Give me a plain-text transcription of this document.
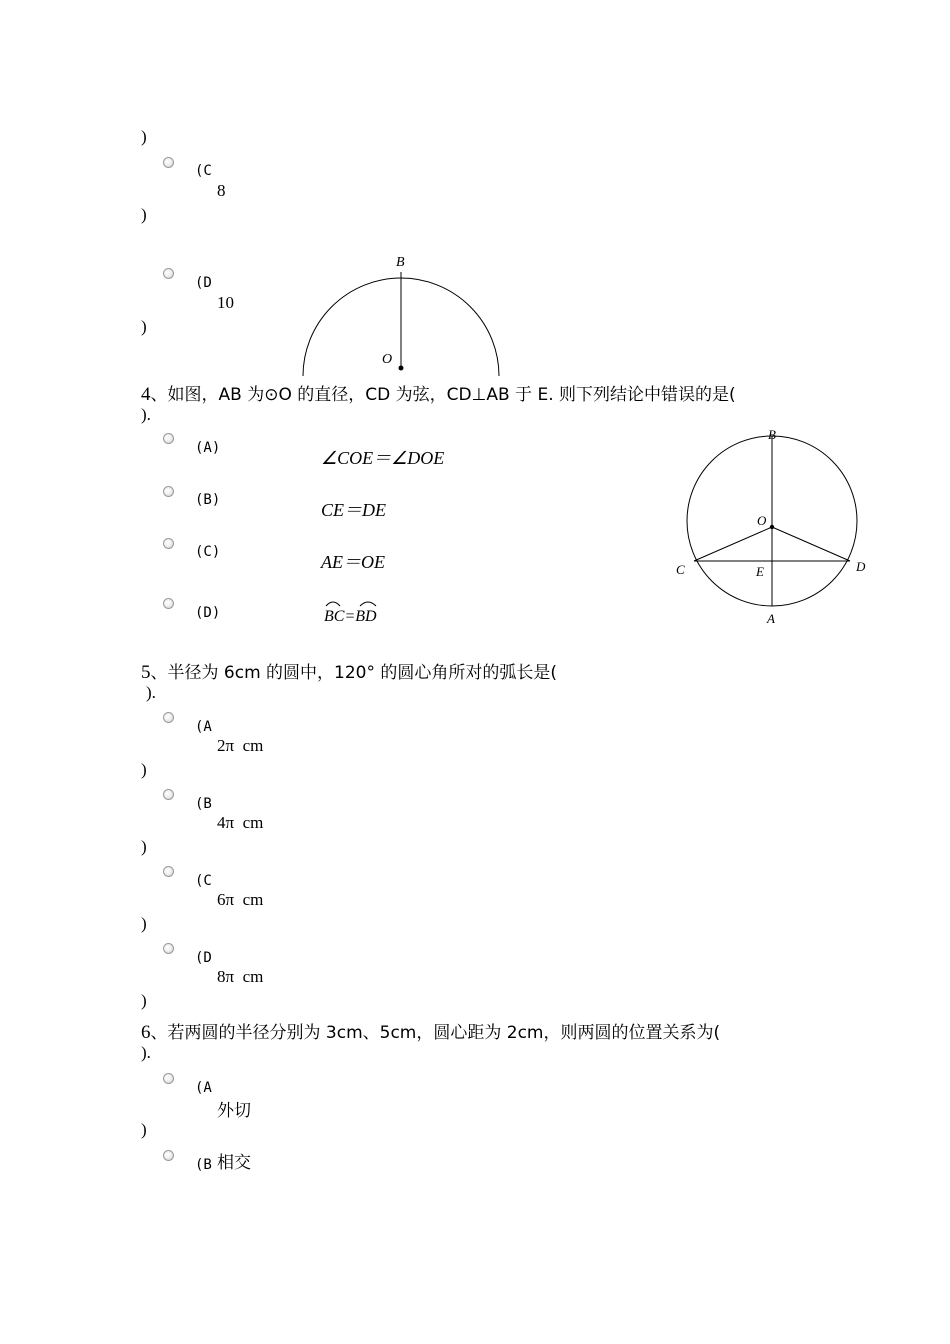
)
(C
8
)
(D
10
)
B
O
4、如图，AB 为⊙O 的直径，CD 为弦，CD⊥AB 于 E. 则下列结论中错误的是(
).
(A)	∠COE＝∠DOE
(B)	CE＝DE
(C)	AE＝OE
(D)	BC=BD
B
O
C	E	D
A
5、半径为 6cm 的圆中，120° 的圆心角所对的弧长是(
).
(A
2π  cm
)
(B
4π  cm
)
(C
6π  cm
)
(D
8π  cm
)
6、若两圆的半径分别为 3cm、5cm，圆心距为 2cm，则两圆的位置关系为(
).
(A
外切
)
(B 相交
